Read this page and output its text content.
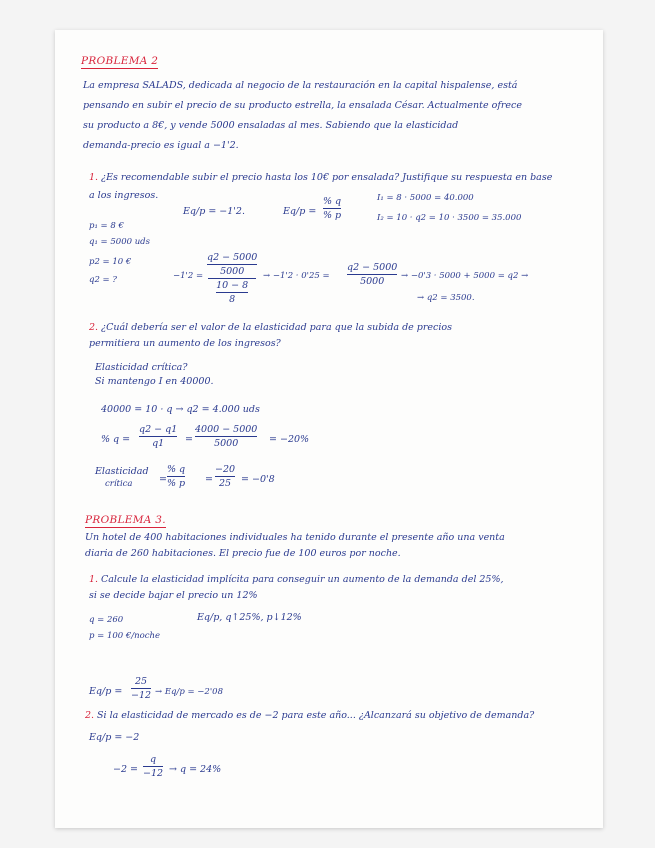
PROBLEMA 2
La empresa SALADS, dedicada al negocio de la restauración en la capital hispalense, está
pensando en subir el precio de su producto estrella, la ensalada César. Actualmente ofrece
su producto a 8€, y vende 5000 ensaladas al mes. Sabiendo que la elasticidad
demanda-precio es igual a −1'2.
1. ¿Es recomendable subir el precio hasta los 10€ por ensalada? Justifique su respuesta en base
a los ingresos.
Eq/p = −1'2.	Eq/p =
% q
% p
I₁ = 8 · 5000 = 40.000
I₂ = 10 · q2 = 10 · 3500 = 35.000
p₁ = 8 €
q₁ = 5000 uds
p2 = 10 €
q2 = ?	$-1'2 = \frac{q2 - 5000}{5000}$
$\frac{10 - 8}{8}$
→ −1'2 · 0'25 =
q2 − 5000
5000 → −0'3 · 5000 + 5000 = q2 →
→ q2 = 3500.
2. ¿Cuál debería ser el valor de la elasticidad para que la subida de precios
permitiera un aumento de los ingresos?
Elasticidad crítica?
Si mantengo I en 40000.
40000 = 10 · q → q2 = 4.000 uds
% q =
q2 − q1
q1 =
4000 − 5000
5000	= −20%
Elasticidad
crítica	=
% q
% p =
−20
25 = −0'8
PROBLEMA 3.
Un hotel de 400 habitaciones individuales ha tenido durante el presente año una venta
diaria de 260 habitaciones. El precio fue de 100 euros por noche.
1. Calcule la elasticidad implícita para conseguir un aumento de la demanda del 25%,
si se decide bajar el precio un 12%
q = 260
p = 100 €/noche
Eq/p, q↑25%, p↓12%
Eq/p =
25
−12 → Eq/p = −2'08
2. Si la elasticidad de mercado es de −2 para este año... ¿Alcanzará su objetivo de demanda?
Eq/p = −2
−2 =
q
−12 → q = 24%
